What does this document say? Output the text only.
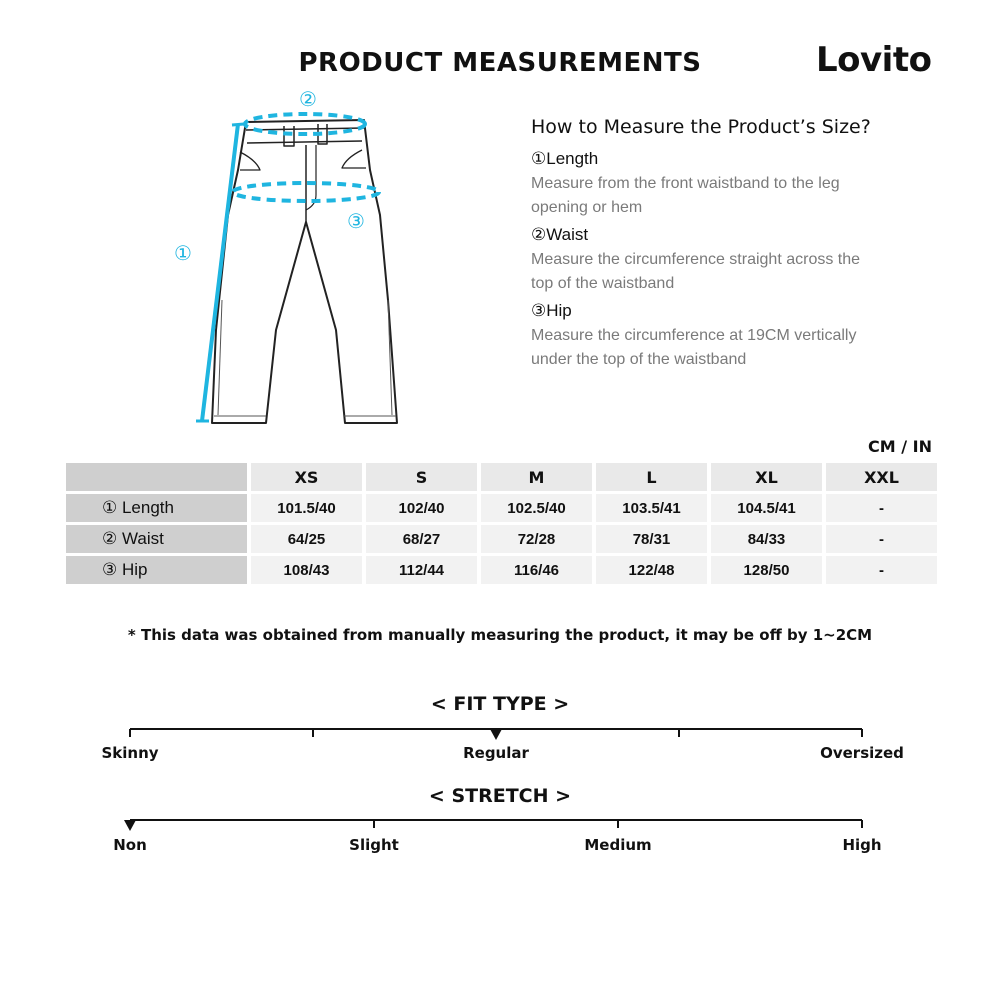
PRODUCT MEASUREMENTS	Lovito
①
②
③
How to Measure the Product’s Size?
①Length
Measure from the front waistband to the leg opening or hem
②Waist
Measure the circumference straight across the top of the waistband
③Hip
Measure the circumference at 19CM vertically under the top of the waistband
CM / IN
	XS	S	M	L	XL	XXL
① Length	101.5/40	102/40	102.5/40	103.5/41	104.5/41	-
② Waist	64/25	68/27	72/28	78/31	84/33	-
③ Hip	108/43	112/44	116/46	122/48	128/50	-
* This data was obtained from manually measuring the product, it may be off by 1~2CM
< FIT TYPE >
Skinny	Regular	Oversized
< STRETCH >
Non	Slight	Medium	High
